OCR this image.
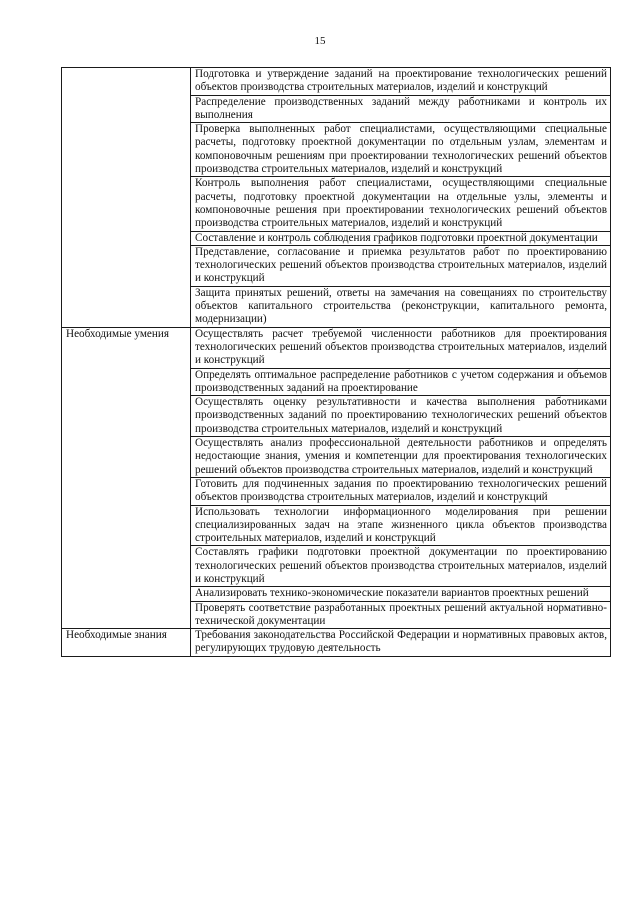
15
	Подготовка и утверждение заданий на проектирование технологических решений объектов производства строительных материалов, изделий и конструкций
	Распределение производственных заданий между работниками и контроль их выполнения
	Проверка выполненных работ специалистами, осуществляющими специальные расчеты, подготовку проектной документации по отдельным узлам, элементам и компоновочным решениям при проектировании технологических решений объектов производства строительных материалов, изделий и конструкций
	Контроль выполнения работ специалистами, осуществляющими специальные расчеты, подготовку проектной документации на отдельные узлы, элементы и компоновочные решения при проектировании технологических решений объектов производства строительных материалов, изделий и конструкций
	Составление и контроль соблюдения графиков подготовки проектной документации
	Представление, согласование и приемка результатов работ по проектированию технологических решений объектов производства строительных материалов, изделий и конструкций
	Защита принятых решений, ответы на замечания на совещаниях по строительству объектов капитального строительства (реконструкции, капитального ремонта, модернизации)
Необходимые умения	Осуществлять расчет требуемой численности работников для проектирования технологических решений объектов производства строительных материалов, изделий и конструкций
	Определять оптимальное распределение работников с учетом содержания и объемов производственных заданий на проектирование
	Осуществлять оценку результативности и качества выполнения работниками производственных заданий по проектированию технологических решений объектов производства строительных материалов, изделий и конструкций
	Осуществлять анализ профессиональной деятельности работников и определять недостающие знания, умения и компетенции для проектирования технологических решений объектов производства строительных материалов, изделий и конструкций
	Готовить для подчиненных задания по проектированию технологических решений объектов производства строительных материалов, изделий и конструкций
	Использовать технологии информационного моделирования при решении специализированных задач на этапе жизненного цикла объектов производства строительных материалов, изделий и конструкций
	Составлять графики подготовки проектной документации по проектированию технологических решений объектов производства строительных материалов, изделий и конструкций
	Анализировать технико-экономические показатели вариантов проектных решений
	Проверять соответствие разработанных проектных решений актуальной нормативно-технической документации
Необходимые знания	Требования законодательства Российской Федерации и нормативных правовых актов, регулирующих трудовую деятельность
